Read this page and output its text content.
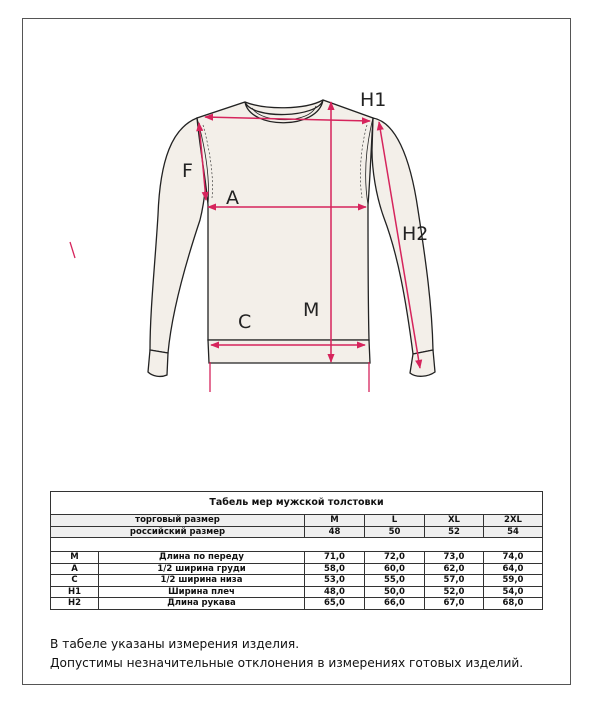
H1
F
A
H2
M
C
Табель мер мужской толстовки					
торговый размер		M	L	XL	2XL
российский размер		48	50	52	54

M	Длина по переду	71,0	72,0	73,0	74,0
A	1/2 ширина груди	58,0	60,0	62,0	64,0
C	1/2 ширина низа	53,0	55,0	57,0	59,0
H1	Ширина плеч	48,0	50,0	52,0	54,0
H2	Длина рукава	65,0	66,0	67,0	68,0
В табеле указаны измерения изделия.
Допустимы незначительные отклонения в измерениях готовых изделий.
